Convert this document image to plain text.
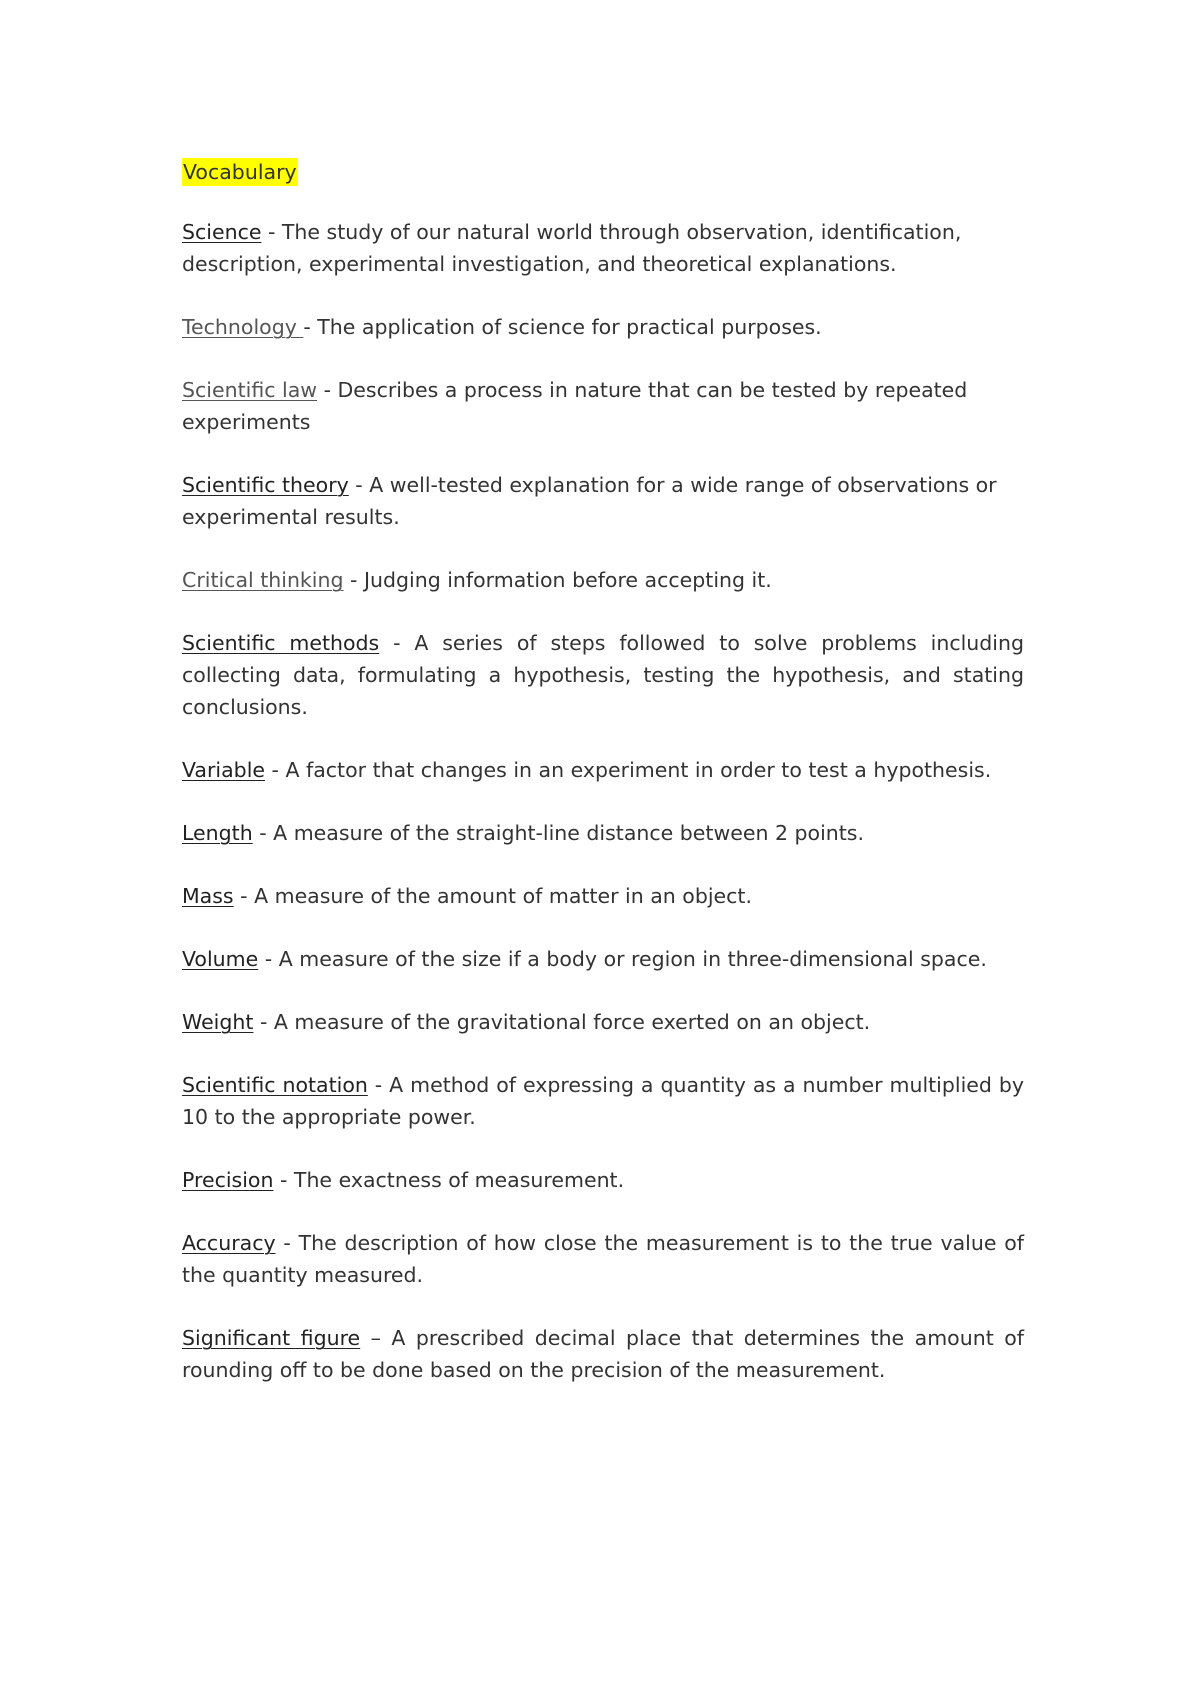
Vocabulary
Science - The study of our natural world through observation, identification, description, experimental investigation, and theoretical explanations.
Technology - The application of science for practical purposes.
Scientific law - Describes a process in nature that can be tested by repeated experiments
Scientific theory - A well-tested explanation for a wide range of observations or experimental results.
Critical thinking - Judging information before accepting it.
Scientific methods - A series of steps followed to solve problems including collecting data, formulating a hypothesis, testing the hypothesis, and stating conclusions.
Variable - A factor that changes in an experiment in order to test a hypothesis.
Length - A measure of the straight-line distance between 2 points.
Mass - A measure of the amount of matter in an object.
Volume - A measure of the size if a body or region in three-dimensional space.
Weight - A measure of the gravitational force exerted on an object.
Scientific notation - A method of expressing a quantity as a number multiplied by 10 to the appropriate power.
Precision - The exactness of measurement.
Accuracy - The description of how close the measurement is to the true value of the quantity measured.
Significant figure – A prescribed decimal place that determines the amount of rounding off to be done based on the precision of the measurement.
